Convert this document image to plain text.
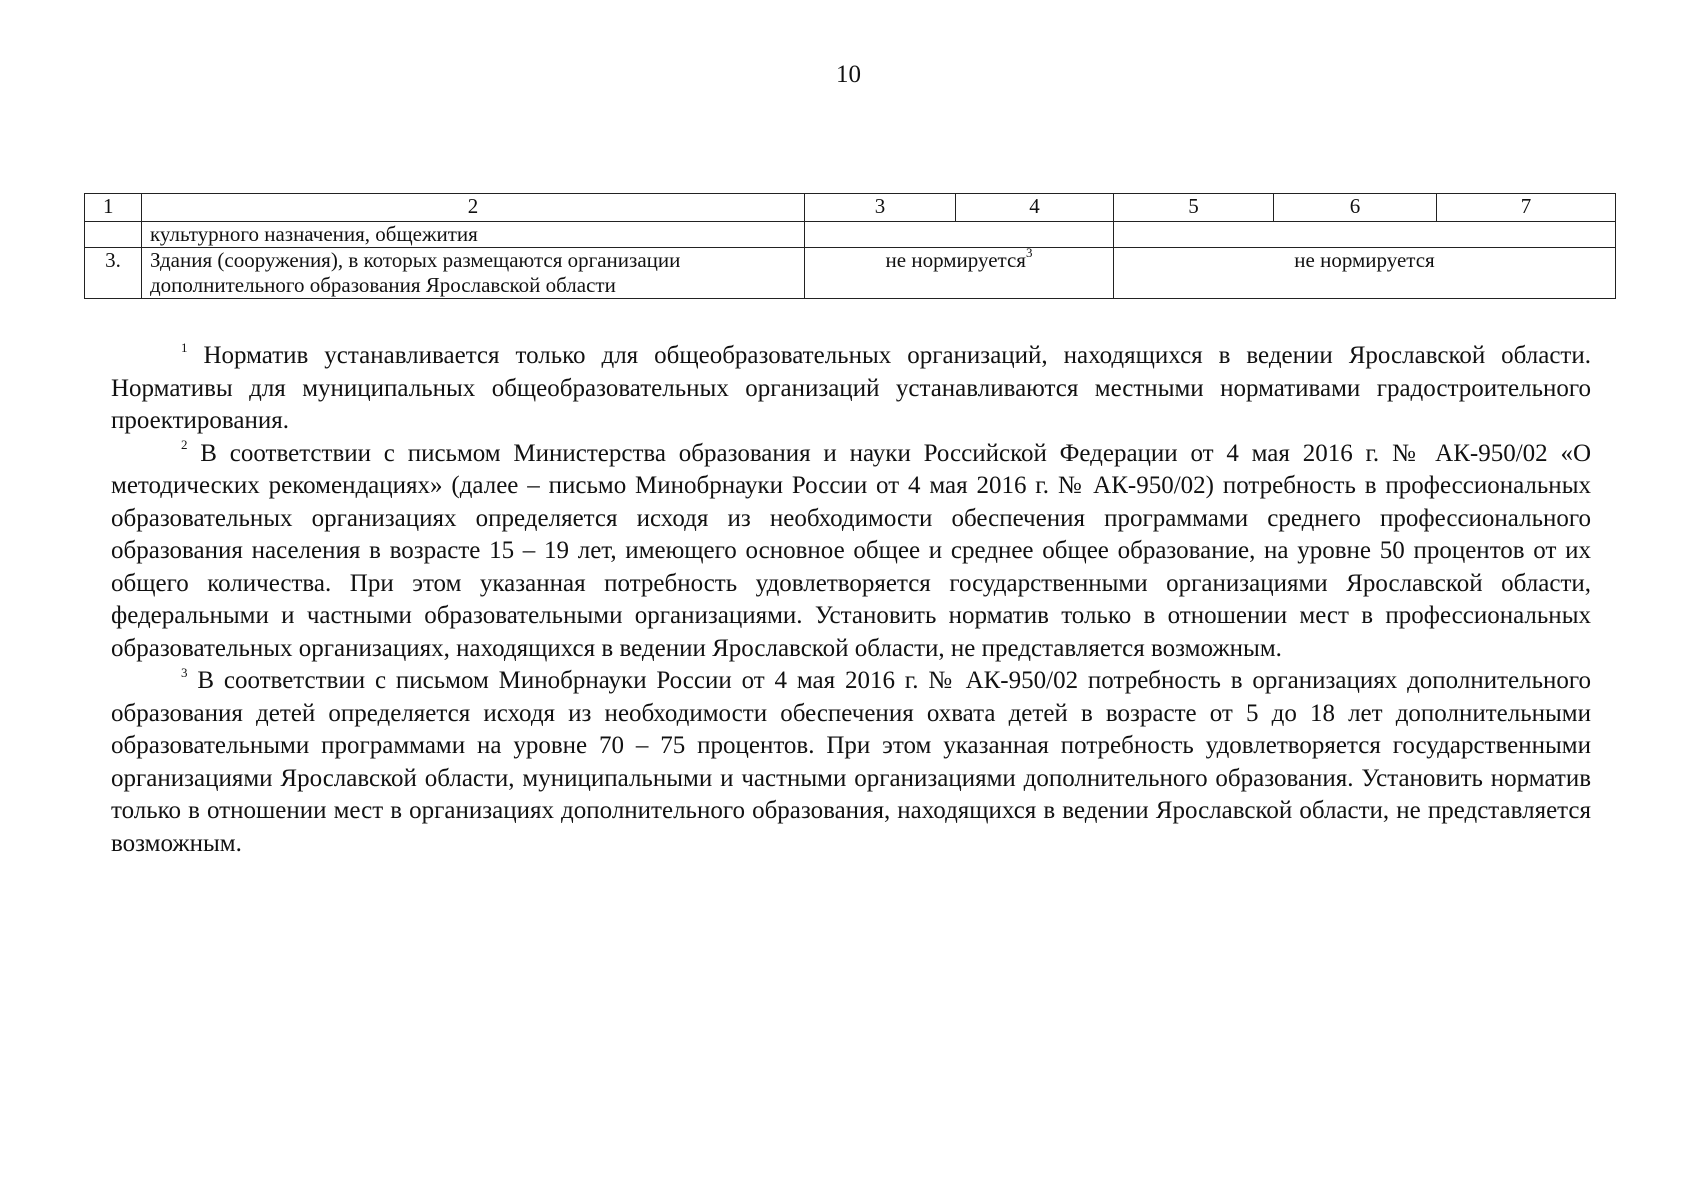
10
1	2	3	4	5	6	7
	культурного назначения, общежития					
3.	Здания (сооружения), в которых размещаются организации дополнительного образования Ярославской области	не нормируется$^3$		не нормируется		

$^1$ Норматив устанавливается только для общеобразовательных организаций, находящихся в ведении Ярославской области. Нормативы для муниципальных общеобразовательных организаций устанавливаются местными нормативами градостроительного проектирования.

$^2$ В соответствии с письмом Министерства образования и науки Российской Федерации от 4 мая 2016 г. № АК-950/02 «О методических рекомендациях» (далее – письмо Минобрнауки России от 4 мая 2016 г. № АК-950/02) потребность в профессиональных образовательных организациях определяется исходя из необходимости обеспечения программами среднего профессионального образования населения в возрасте 15 – 19 лет, имеющего основное общее и среднее общее образование, на уровне 50 процентов от их общего количества. При этом указанная потребность удовлетворяется государственными организациями Ярославской области, федеральными и частными образовательными организациями. Установить норматив только в отношении мест в профессиональных образовательных организациях, находящихся в ведении Ярославской области, не представляется возможным.

$^3$ В соответствии с письмом Минобрнауки России от 4 мая 2016 г. № АК-950/02 потребность в организациях дополнительного образования детей определяется исходя из необходимости обеспечения охвата детей в возрасте от 5 до 18 лет дополнительными образовательными программами на уровне 70 – 75 процентов. При этом указанная потребность удовлетворяется государственными организациями Ярославской области, муниципальными и частными организациями дополнительного образования. Установить норматив только в отношении мест в организациях дополнительного образования, находящихся в ведении Ярославской области, не представляется возможным.
